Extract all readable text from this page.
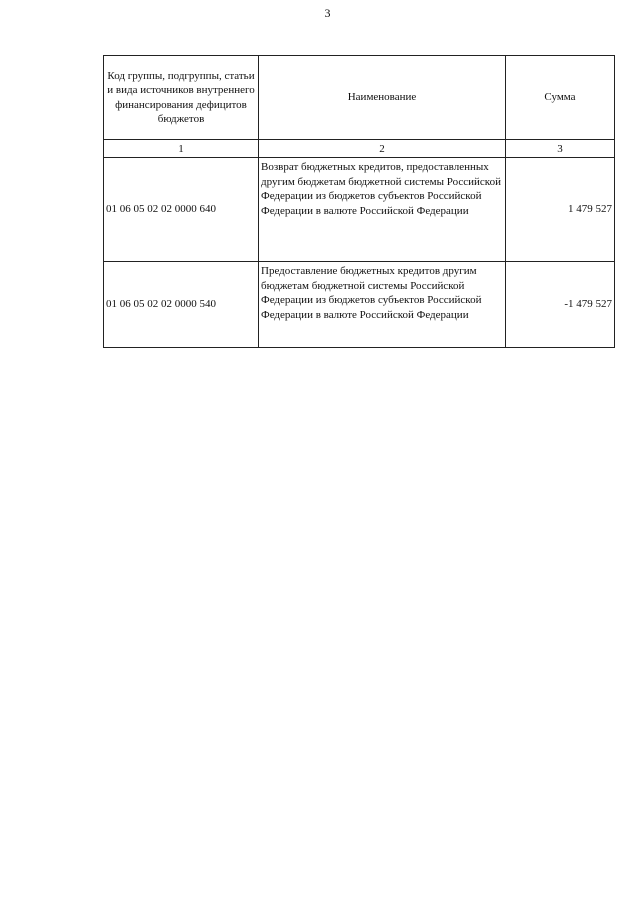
3
Код группы, подгруппы, статьи и вида источников внутреннего финансирования дефицитов бюджетов	Наименование	Сумма
1	2	3
01 06 05 02 02 0000 640	Возврат бюджетных кредитов, предоставленных другим бюджетам бюджетной системы Российской Федерации из бюджетов субъектов Российской Федерации в валюте Российской Федерации	1 479 527
01 06 05 02 02 0000 540	Предоставление бюджетных кредитов другим бюджетам бюджетной системы Российской Федерации из бюджетов субъектов Российской Федерации в валюте Российской Федерации	-1 479 527
